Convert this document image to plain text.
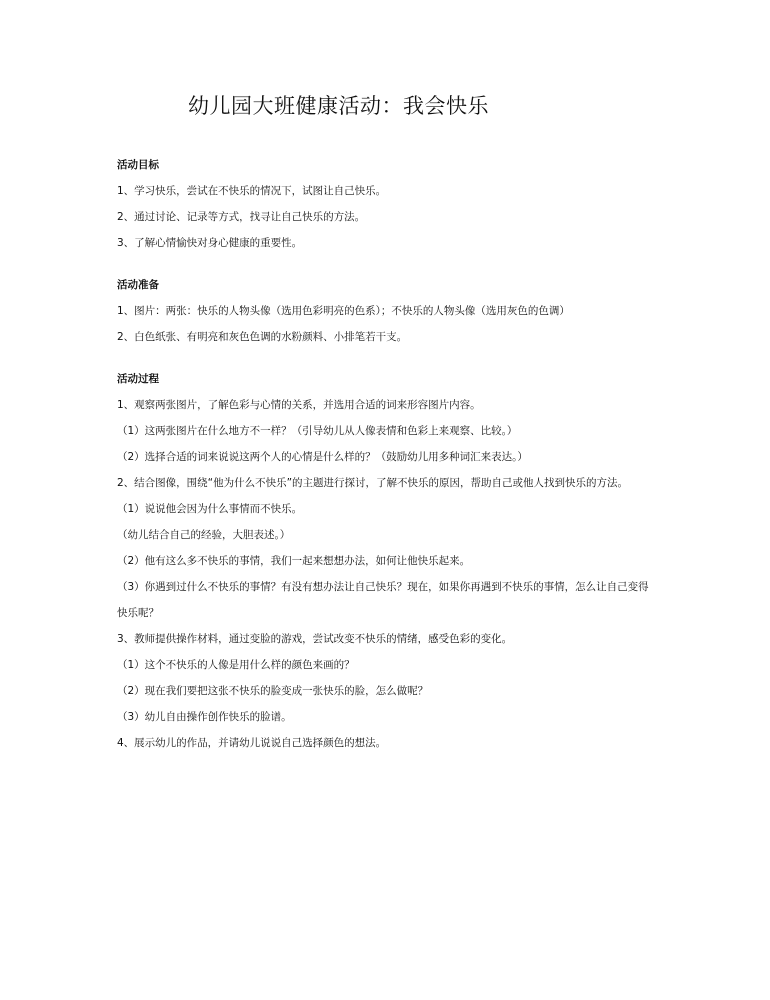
幼儿园大班健康活动：我会快乐
活动目标

1、学习快乐，尝试在不快乐的情况下，试图让自己快乐。

2、通过讨论、记录等方式，找寻让自己快乐的方法。

3、了解心情愉快对身心健康的重要性。

活动准备

1、图片：两张：快乐的人物头像（选用色彩明亮的色系）；不快乐的人物头像（选用灰色的色调）

2、白色纸张、有明亮和灰色色调的水粉颜料、小排笔若干支。

活动过程

1、观察两张图片，了解色彩与心情的关系，并选用合适的词来形容图片内容。

（1）这两张图片在什么地方不一样？（引导幼儿从人像表情和色彩上来观察、比较。）

（2）选择合适的词来说说这两个人的心情是什么样的？（鼓励幼儿用多种词汇来表达。）

2、结合图像，围绕“他为什么不快乐”的主题进行探讨，了解不快乐的原因，帮助自己或他人找到快乐的方法。

（1）说说他会因为什么事情而不快乐。

（幼儿结合自己的经验，大胆表述。）

（2）他有这么多不快乐的事情，我们一起来想想办法，如何让他快乐起来。

（3）你遇到过什么不快乐的事情？有没有想办法让自己快乐？现在，如果你再遇到不快乐的事情，怎么让自己变得快乐呢？

3、教师提供操作材料，通过变脸的游戏，尝试改变不快乐的情绪，感受色彩的变化。

（1）这个不快乐的人像是用什么样的颜色来画的？

（2）现在我们要把这张不快乐的脸变成一张快乐的脸，怎么做呢？

（3）幼儿自由操作创作快乐的脸谱。

4、展示幼儿的作品，并请幼儿说说自己选择颜色的想法。
